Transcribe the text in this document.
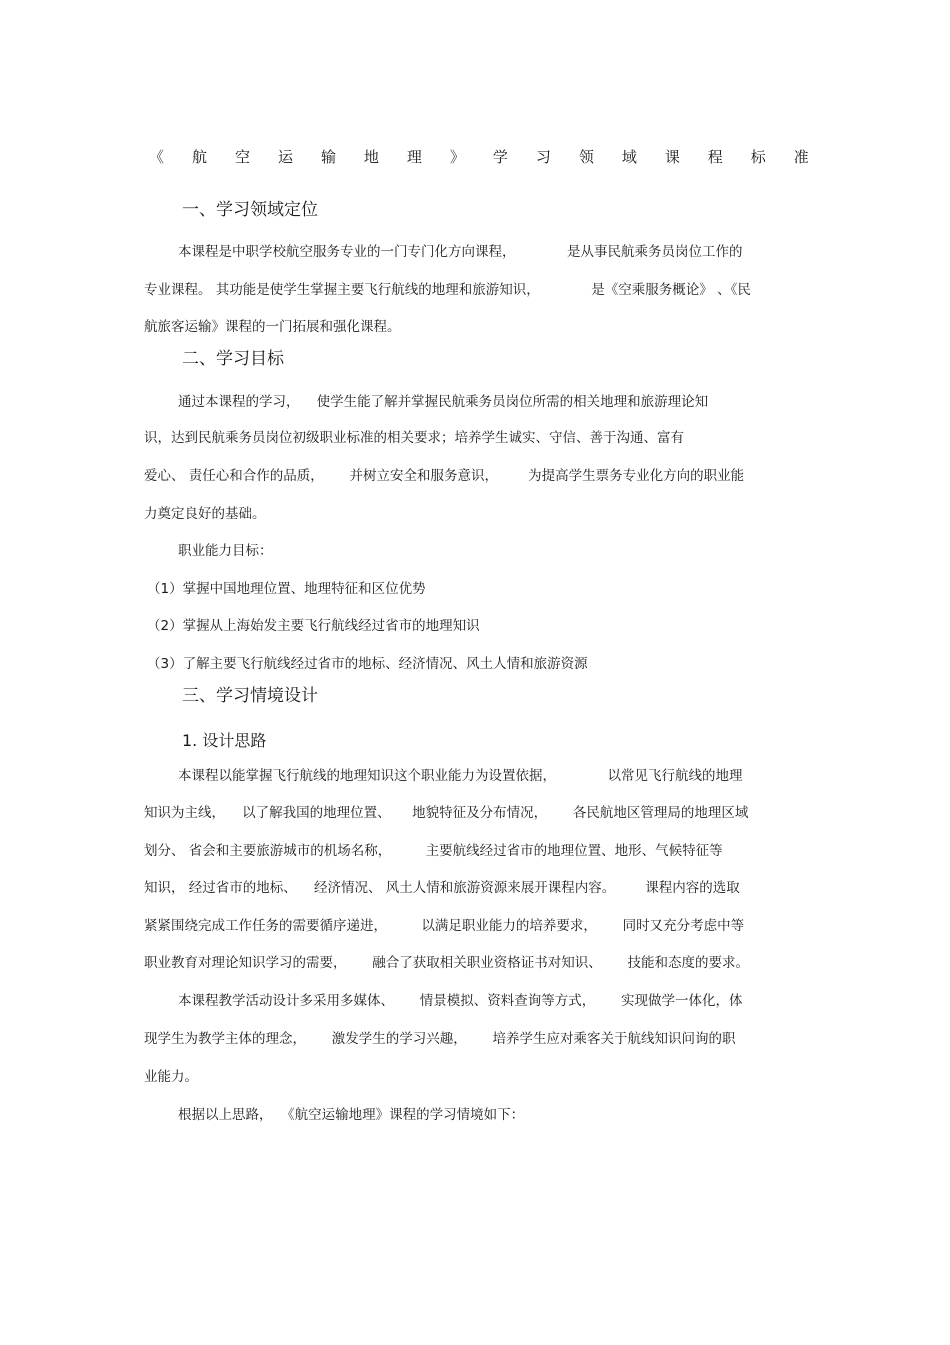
《 航 空 运 输 地 理 》 学 习 领 域 课 程 标 准
一、学习领域定位
本课程是中职学校航空服务专业的一门专门化方向课程，            是从事民航乘务员岗位工作的
专业课程。 其功能是使学生掌握主要飞行航线的地理和旅游知识，            是《空乘服务概论》 、《民
航旅客运输》课程的一门拓展和强化课程。
二、学习目标
通过本课程的学习，    使学生能了解并掌握民航乘务员岗位所需的相关地理和旅游理论知
识，达到民航乘务员岗位初级职业标准的相关要求；培养学生诚实、守信、善于沟通、富有
爱心、 责任心和合作的品质，      并树立安全和服务意识，       为提高学生票务专业化方向的职业能
力奠定良好的基础。
职业能力目标：
（1）掌握中国地理位置、地理特征和区位优势
（2）掌握从上海始发主要飞行航线经过省市的地理知识
（3）了解主要飞行航线经过省市的地标、经济情况、风土人情和旅游资源
三、学习情境设计
1. 设计思路
本课程以能掌握飞行航线的地理知识这个职业能力为设置依据，            以常见飞行航线的地理
知识为主线，    以了解我国的地理位置、     地貌特征及分布情况，      各民航地区管理局的地理区域
划分、 省会和主要旅游城市的机场名称，        主要航线经过省市的地理位置、地形、气候特征等
知识， 经过省市的地标、    经济情况、 风土人情和旅游资源来展开课程内容。       课程内容的选取
紧紧围绕完成工作任务的需要循序递进，        以满足职业能力的培养要求，      同时又充分考虑中等
职业教育对理论知识学习的需要，      融合了获取相关职业资格证书对知识、      技能和态度的要求。
本课程教学活动设计多采用多媒体、      情景模拟、资料查询等方式，      实现做学一体化，体
现学生为教学主体的理念，      激发学生的学习兴趣，      培养学生应对乘客关于航线知识问询的职
业能力。
根据以上思路，  《航空运输地理》课程的学习情境如下：
